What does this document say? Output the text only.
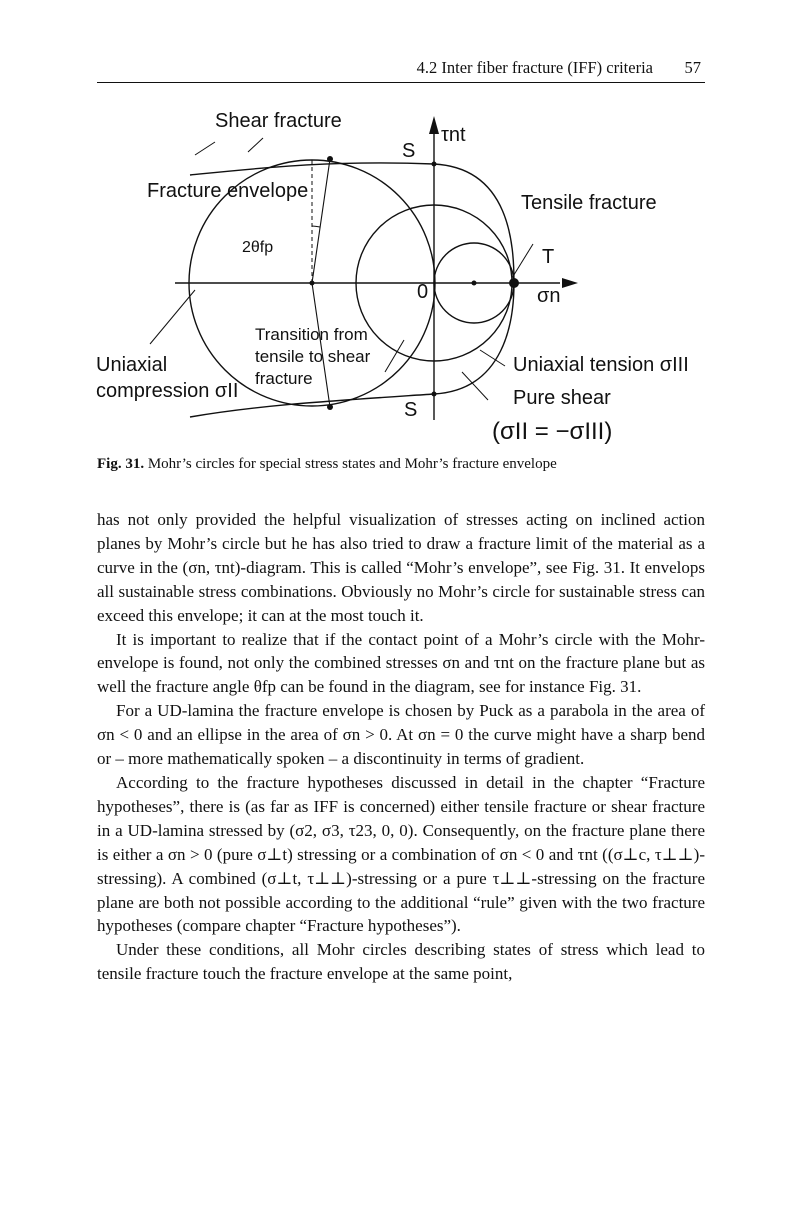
4.2 Inter fiber fracture (IFF) criteria 57
Shear fracture
Fracture envelope
Tensile fracture
2θfp
τnt
σn
0
S
S
T
Transition from
tensile to shear
fracture
Uniaxial
compression σII
Uniaxial tension σIII
Pure shear
(σII = −σIII)
Fig. 31. Mohr’s circles for special stress states and Mohr’s fracture envelope

has not only provided the helpful visualization of stresses acting on inclined action planes by Mohr’s circle but he has also tried to draw a fracture limit of the material as a curve in the (σn, τnt)-diagram. This is called “Mohr’s envelope”, see Fig. 31. It envelops all sustainable stress combinations. Obviously no Mohr’s circle for sustainable stress can exceed this envelope; it can at the most touch it.

It is important to realize that if the contact point of a Mohr’s circle with the Mohr-envelope is found, not only the combined stresses σn and τnt on the fracture plane but as well the fracture angle θfp can be found in the diagram, see for instance Fig. 31.

For a UD-lamina the fracture envelope is chosen by Puck as a parabola in the area of σn < 0 and an ellipse in the area of σn > 0. At σn = 0 the curve might have a sharp bend or – more mathematically spoken – a discontinuity in terms of gradient.

According to the fracture hypotheses discussed in detail in the chapter “Fracture hypotheses”, there is (as far as IFF is concerned) either tensile fracture or shear fracture in a UD-lamina stressed by (σ2, σ3, τ23, 0, 0). Consequently, on the fracture plane there is either a σn > 0 (pure σ⊥t) stressing or a combination of σn < 0 and τnt ((σ⊥c, τ⊥⊥)-stressing). A combined (σ⊥t, τ⊥⊥)-stressing or a pure τ⊥⊥-stressing on the fracture plane are both not possible according to the additional “rule” given with the two fracture hypotheses (compare chapter “Fracture hypotheses”).

Under these conditions, all Mohr circles describing states of stress which lead to tensile fracture touch the fracture envelope at the same point,
